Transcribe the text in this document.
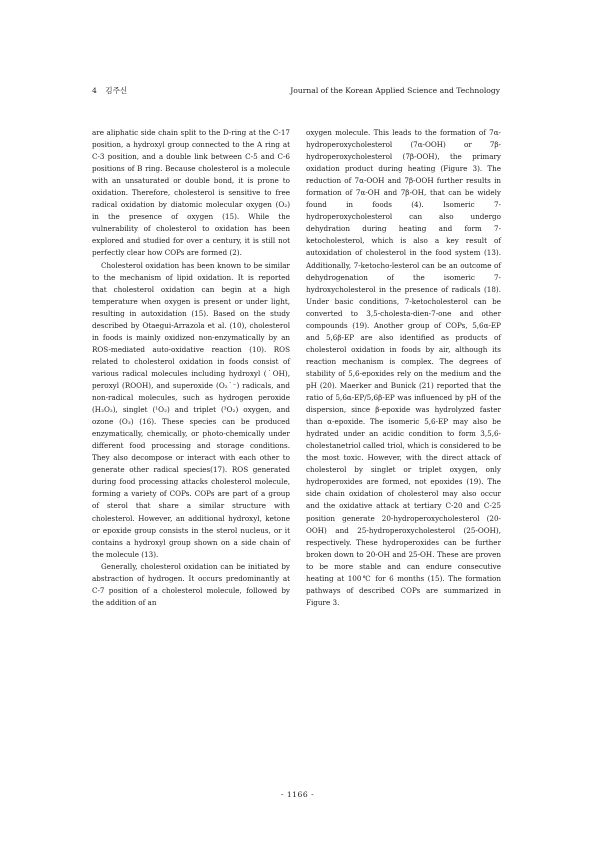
4 김주신	Journal of the Korean Applied Science and Technology

are aliphatic side chain split to the D-ring at the C-17 position, a hydroxyl group connected to the A ring at C-3 position, and a double link between C-5 and C-6 positions of B ring. Because cholesterol is a molecule with an unsaturated or double bond, it is prone to oxidation. Therefore, cholesterol is sensitive to free radical oxidation by diatomic molecular oxygen (O₂) in the presence of oxygen (15). While the vulnerability of cholesterol to oxidation has been explored and studied for over a century, it is still not perfectly clear how COPs are formed (2).

Cholesterol oxidation has been known to be similar to the mechanism of lipid oxidation. It is reported that cholesterol oxidation can begin at a high temperature when oxygen is present or under light, resulting in autoxidation (15). Based on the study described by Otaegui-Arrazola et al. (10), cholesterol in foods is mainly oxidized non-enzymatically by an ROS-mediated auto-oxidative reaction (10). ROS related to cholesterol oxidation in foods consist of various radical molecules including hydroxyl (˙OH), peroxyl (ROOH), and superoxide (O₂˙⁻) radicals, and non-radical molecules, such as hydrogen peroxide (H₂O₂), singlet (¹O₂) and triplet (³O₂) oxygen, and ozone (O₃) (16). These species can be produced enzymatically, chemically, or photo-chemically under different food processing and storage conditions. They also decompose or interact with each other to generate other radical species(17). ROS generated during food processing attacks cholesterol molecule, forming a variety of COPs. COPs are part of a group of sterol that share a similar structure with cholesterol. However, an additional hydroxyl, ketone or epoxide group consists in the sterol nucleus, or it contains a hydroxyl group shown on a side chain of the molecule (13).

Generally, cholesterol oxidation can be initiated by abstraction of hydrogen. It occurs predominantly at C-7 position of a cholesterol molecule, followed by the addition of an

oxygen molecule. This leads to the formation of 7α-hydroperoxycholesterol (7α-OOH) or 7β-hydroperoxycholesterol (7β-OOH), the primary oxidation product during heating (Figure 3). The reduction of 7α-OOH and 7β-OOH further results in formation of 7α-OH and 7β-OH, that can be widely found in foods (4). Isomeric 7-hydroperoxycholesterol can also undergo dehydration during heating and form 7-ketocholesterol, which is also a key result of autoxidation of cholesterol in the food system (13). Additionally, 7-ketocho-lesterol can be an outcome of dehydrogenation of the isomeric 7-hydroxycholesterol in the presence of radicals (18). Under basic conditions, 7-ketocholesterol can be converted to 3,5-cholesta-dien-7-one and other compounds (19). Another group of COPs, 5,6α-EP and 5,6β-EP are also identified as products of cholesterol oxidation in foods by air, although its reaction mechanism is complex. The degrees of stability of 5,6-epoxides rely on the medium and the pH (20). Maerker and Bunick (21) reported that the ratio of 5,6α-EP/5,6β-EP was influenced by pH of the dispersion, since β-epoxide was hydrolyzed faster than α-epoxide. The isomeric 5,6-EP may also be hydrated under an acidic condition to form 3,5,6-cholestanetriol called triol, which is considered to be the most toxic. However, with the direct attack of cholesterol by singlet or triplet oxygen, only hydroperoxides are formed, not epoxides (19). The side chain oxidation of cholesterol may also occur and the oxidative attack at tertiary C-20 and C-25 position generate 20-hydroperoxycholesterol (20-OOH) and 25-hydroperoxycholesterol (25-OOH), respectively. These hydroperoxides can be further broken down to 20-OH and 25-OH. These are proven to be more stable and can endure consecutive heating at 100℃ for 6 months (15). The formation pathways of described COPs are summarized in Figure 3.

- 1166 -
